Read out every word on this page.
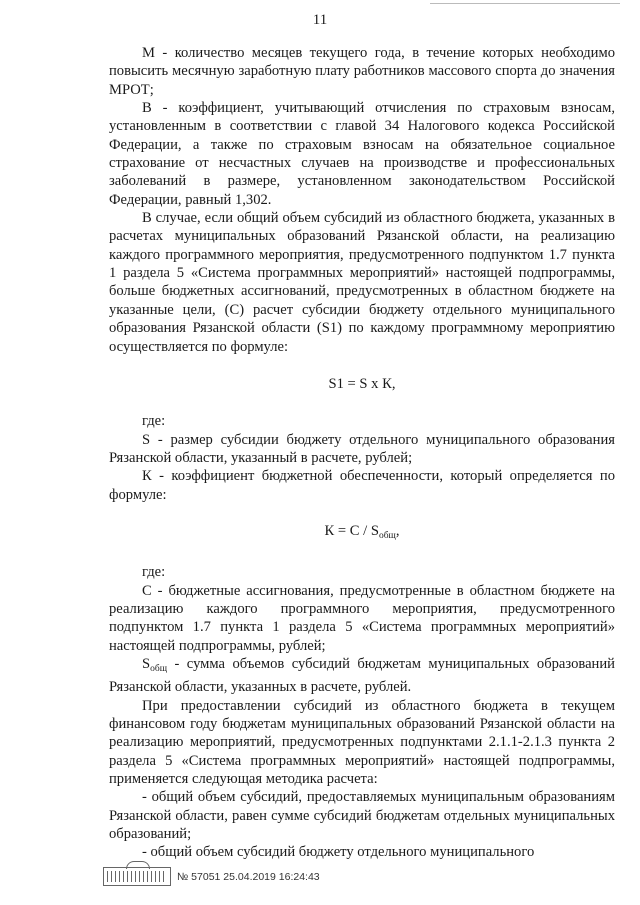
11

М - количество месяцев текущего года, в течение которых необходимо повысить месячную заработную плату работников массового спорта до значения МРОТ;

В - коэффициент, учитывающий отчисления по страховым взносам, установленным в соответствии с главой 34 Налогового кодекса Российской Федерации, а также по страховым взносам на обязательное социальное страхование от несчастных случаев на производстве и профессиональных заболеваний в размере, установленном законодательством Российской Федерации, равный 1,302.

В случае, если общий объем субсидий из областного бюджета, указанных в расчетах муниципальных образований Рязанской области, на реализацию каждого программного мероприятия, предусмотренного подпунктом 1.7 пункта 1 раздела 5 «Система программных мероприятий» настоящей подпрограммы, больше бюджетных ассигнований, предусмотренных в областном бюджете на указанные цели, (С) расчет субсидии бюджету отдельного муниципального образования Рязанской области (S1) по каждому программному мероприятию осуществляется по формуле:

S1 = S х К,

где:

S - размер субсидии бюджету отдельного муниципального образования Рязанской области, указанный в расчете, рублей;

К - коэффициент бюджетной обеспеченности, который определяется по формуле:

$К = С / S_{общ}$,

где:

С - бюджетные ассигнования, предусмотренные в областном бюджете на реализацию каждого программного мероприятия, предусмотренного подпунктом 1.7 пункта 1 раздела 5 «Система программных мероприятий» настоящей подпрограммы, рублей;

$S_{общ}$ - сумма объемов субсидий бюджетам муниципальных образований Рязанской области, указанных в расчете, рублей.

При предоставлении субсидий из областного бюджета в текущем финансовом году бюджетам муниципальных образований Рязанской области на реализацию мероприятий, предусмотренных подпунктами 2.1.1-2.1.3 пункта 2 раздела 5 «Система программных мероприятий» настоящей подпрограммы, применяется следующая методика расчета:

- общий объем субсидий, предоставляемых муниципальным образованиям Рязанской области, равен сумме субсидий бюджетам отдельных муниципальных образований;

- общий объем субсидий бюджету отдельного муниципального

№ 57051 25.04.2019 16:24:43
